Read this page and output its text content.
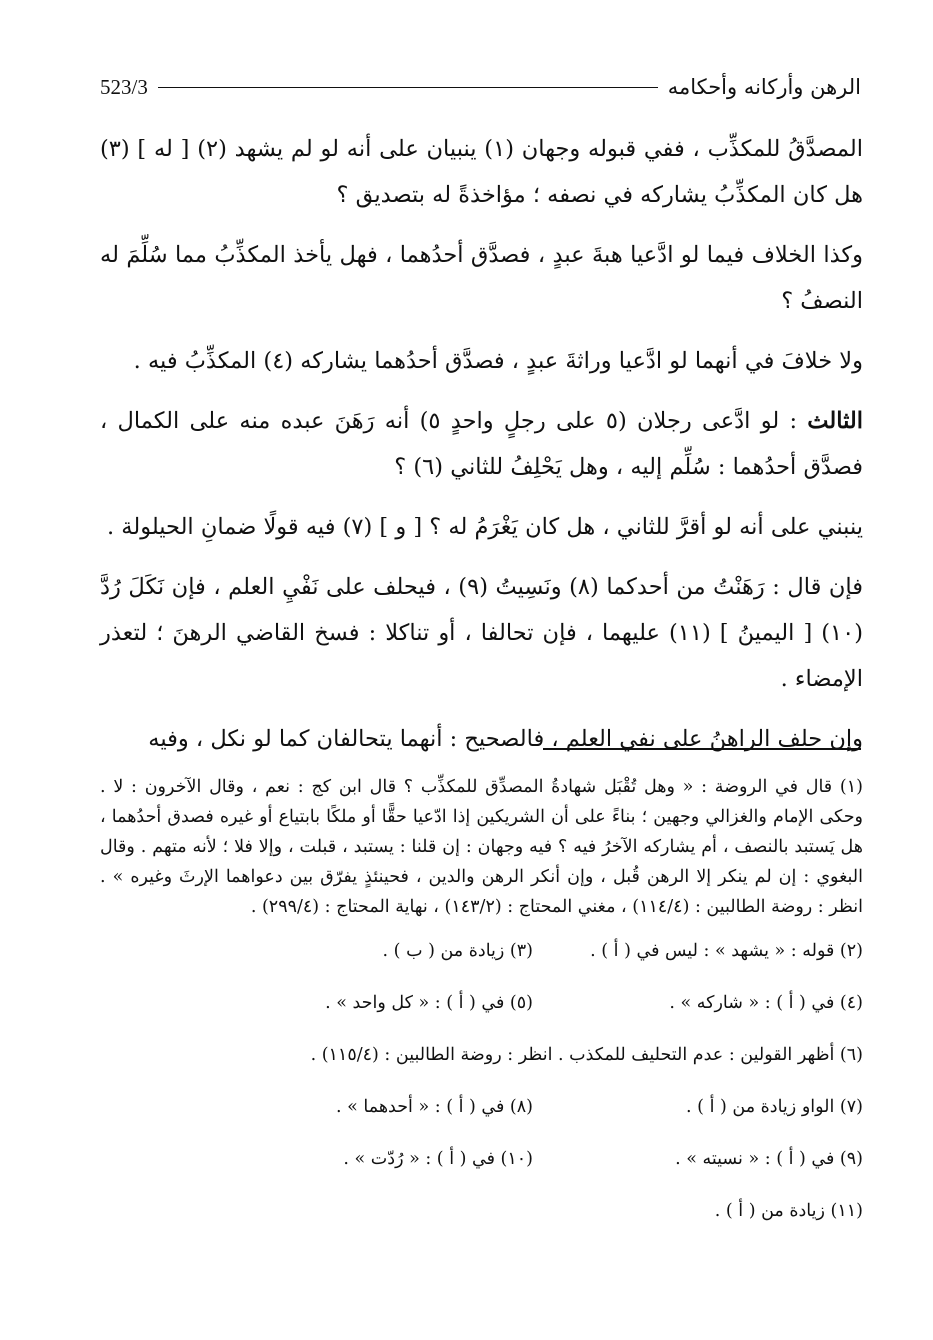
الرهن وأركانه وأحكامه
523/3

المصدَّقُ للمكذِّب ، ففي قبوله وجهان (١) ينبيان على أنه لو لم يشهد (٢) [ له ] (٣) هل كان المكذِّبُ يشاركه في نصفه ؛ مؤاخذةً له بتصديق ؟

وكذا الخلاف فيما لو ادَّعيا هبةَ عبدٍ ، فصدَّق أحدُهما ، فهل يأخذ المكذِّبُ مما سُلِّمَ له النصفُ ؟

ولا خلافَ في أنهما لو ادَّعيا وراثةَ عبدٍ ، فصدَّق أحدُهما يشاركه (٤) المكذِّبُ فيه .

الثالث : لو ادَّعى رجلان (٥ على رجلٍ واحدٍ ٥) أنه رَهَنَ عبده منه على الكمال ، فصدَّق أحدُهما : سُلِّم إليه ، وهل يَحْلِفُ للثاني (٦) ؟

ينبني على أنه لو أقرَّ للثاني ، هل كان يَغْرَمُ له ؟ [ و ] (٧) فيه قولًا ضمانِ الحيلولة .

فإن قال : رَهَنْتُ من أحدكما (٨) ونَسِيتُ (٩) ، فيحلف على نَفْيِ العلم ، فإن نَكَلَ رُدَّ (١٠) [ اليمينُ ] (١١) عليهما ، فإن تحالفا ، أو تناكلا : فسخ القاضي الرهنَ ؛ لتعذر الإمضاء .

وإن حلف الراهنُ على نفي العلم ، فالصحيح : أنهما يتحالفان كما لو نكل ، وفيه

(١) قال في الروضة : « وهل تُقْبَل شهادةُ المصدِّق للمكذِّب ؟ قال ابن كج : نعم ، وقال الآخرون : لا . وحكى الإمام والغزالي وجهين ؛ بناءً على أن الشريكين إذا ادّعيا حقًّا أو ملكًا بابتياع أو غيره فصدق أحدُهما ، هل يَستبد بالنصف ، أم يشاركه الآخرُ فيه ؟ فيه وجهان : إن قلنا : يستبد ، قبلت ، وإلا فلا ؛ لأنه متهم . وقال البغوي : إن لم ينكر إلا الرهن قُبل ، وإن أنكر الرهن والدين ، فحينئذٍ يفرّق بين دعواهما الإرثَ وغيره » . انظر : روضة الطالبين : (١١٤/٤) ، مغني المحتاج : (١٤٣/٢) ، نهاية المحتاج : (٢٩٩/٤) .

(٢) قوله : « يشهد » : ليس في ( أ ) .
(٣) زيادة من ( ب ) .
(٤) في ( أ ) : « شاركه » .
(٥) في ( أ ) : « كل واحد » .
(٦) أظهر القولين : عدم التحليف للمكذب . انظر : روضة الطالبين : (١١٥/٤) .
(٧) الواو زيادة من ( أ ) .
(٨) في ( أ ) : « أحدهما » .
(٩) في ( أ ) : « نسيته » .
(١٠) في ( أ ) : « رُدّت » .
(١١) زيادة من ( أ ) .
